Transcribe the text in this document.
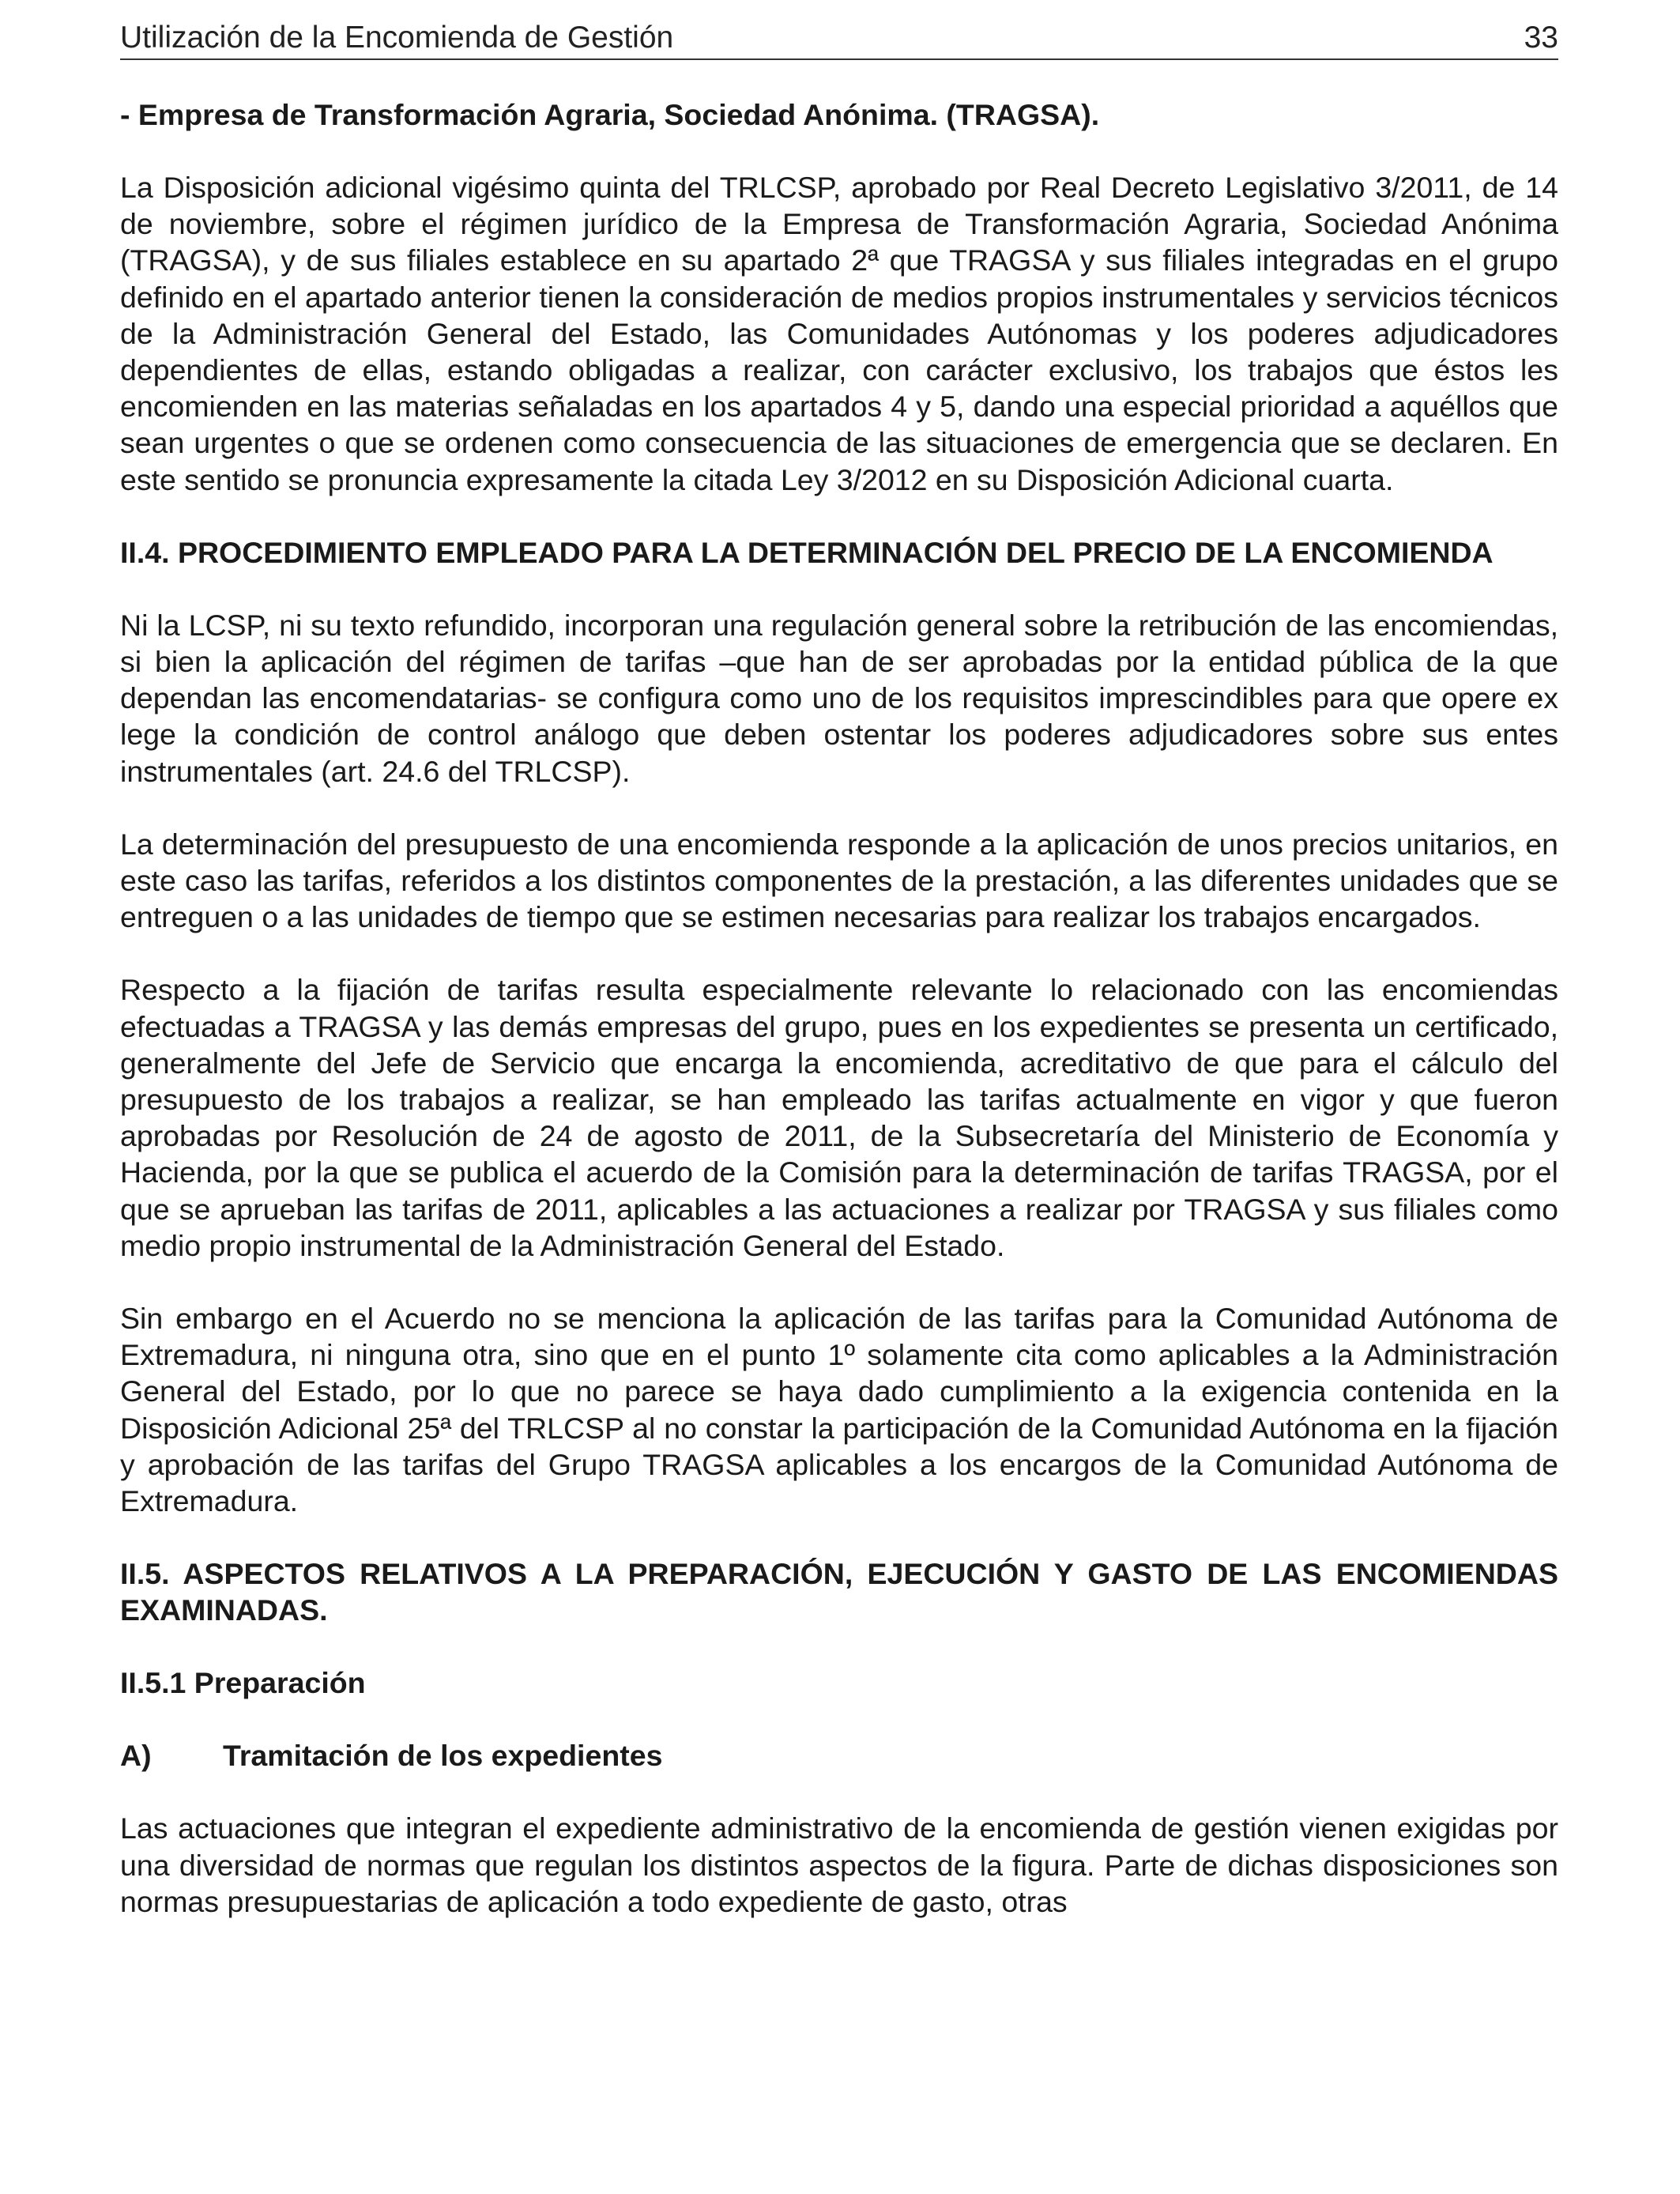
Utilización de la Encomienda de Gestión	33

- Empresa de Transformación Agraria, Sociedad Anónima. (TRAGSA).

La Disposición adicional vigésimo quinta del TRLCSP, aprobado por Real Decreto Legislativo 3/2011, de 14 de noviembre, sobre el régimen jurídico de la Empresa de Transformación Agraria, Sociedad Anónima (TRAGSA), y de sus filiales establece en su apartado 2ª que TRAGSA y sus filiales integradas en el grupo definido en el apartado anterior tienen la consideración de medios propios instrumentales y servicios técnicos de la Administración General del Estado, las Comunidades Autónomas y los poderes adjudicadores dependientes de ellas, estando obligadas a realizar, con carácter exclusivo, los trabajos que éstos les encomienden en las materias señaladas en los apartados 4 y 5, dando una especial prioridad a aquéllos que sean urgentes o que se ordenen como consecuencia de las situaciones de emergencia que se declaren. En este sentido se pronuncia expresamente la citada Ley 3/2012 en su Disposición Adicional cuarta.

II.4. PROCEDIMIENTO EMPLEADO PARA LA DETERMINACIÓN DEL PRECIO DE LA ENCOMIENDA

Ni la LCSP, ni su texto refundido, incorporan una regulación general sobre la retribución de las encomiendas, si bien la aplicación del régimen de tarifas –que han de ser aprobadas por la entidad pública de la que dependan las encomendatarias- se configura como uno de los requisitos imprescindibles para que opere ex lege la condición de control análogo que deben ostentar los poderes adjudicadores sobre sus entes instrumentales (art. 24.6 del TRLCSP).

La determinación del presupuesto de una encomienda responde a la aplicación de unos precios unitarios, en este caso las tarifas, referidos a los distintos componentes de la prestación, a las diferentes unidades que se entreguen o a las unidades de tiempo que se estimen necesarias para realizar los trabajos encargados.

Respecto a la fijación de tarifas resulta especialmente relevante lo relacionado con las encomiendas efectuadas a TRAGSA y las demás empresas del grupo, pues en los expedientes se presenta un certificado, generalmente del Jefe de Servicio que encarga la encomienda, acreditativo de que para el cálculo del presupuesto de los trabajos a realizar, se han empleado las tarifas actualmente en vigor y que fueron aprobadas por Resolución de 24 de agosto de 2011, de la Subsecretaría del Ministerio de Economía y Hacienda, por la que se publica el acuerdo de la Comisión para la determinación de tarifas TRAGSA, por el que se aprueban las tarifas de 2011, aplicables a las actuaciones a realizar por TRAGSA y sus filiales como medio propio instrumental de la Administración General del Estado.

Sin embargo en el Acuerdo no se menciona la aplicación de las tarifas para la Comunidad Autónoma de Extremadura, ni ninguna otra, sino que en el punto 1º solamente cita como aplicables a la Administración General del Estado, por lo que no parece se haya dado cumplimiento a la exigencia contenida en la Disposición Adicional 25ª del TRLCSP al no constar la participación de la Comunidad Autónoma en la fijación y aprobación de las tarifas del Grupo TRAGSA aplicables a los encargos de la Comunidad Autónoma de Extremadura.

II.5. ASPECTOS RELATIVOS A LA PREPARACIÓN, EJECUCIÓN Y GASTO DE LAS ENCOMIENDAS EXAMINADAS.

II.5.1 Preparación

A) Tramitación de los expedientes

Las actuaciones que integran el expediente administrativo de la encomienda de gestión vienen exigidas por una diversidad de normas que regulan los distintos aspectos de la figura. Parte de dichas disposiciones son normas presupuestarias de aplicación a todo expediente de gasto, otras
